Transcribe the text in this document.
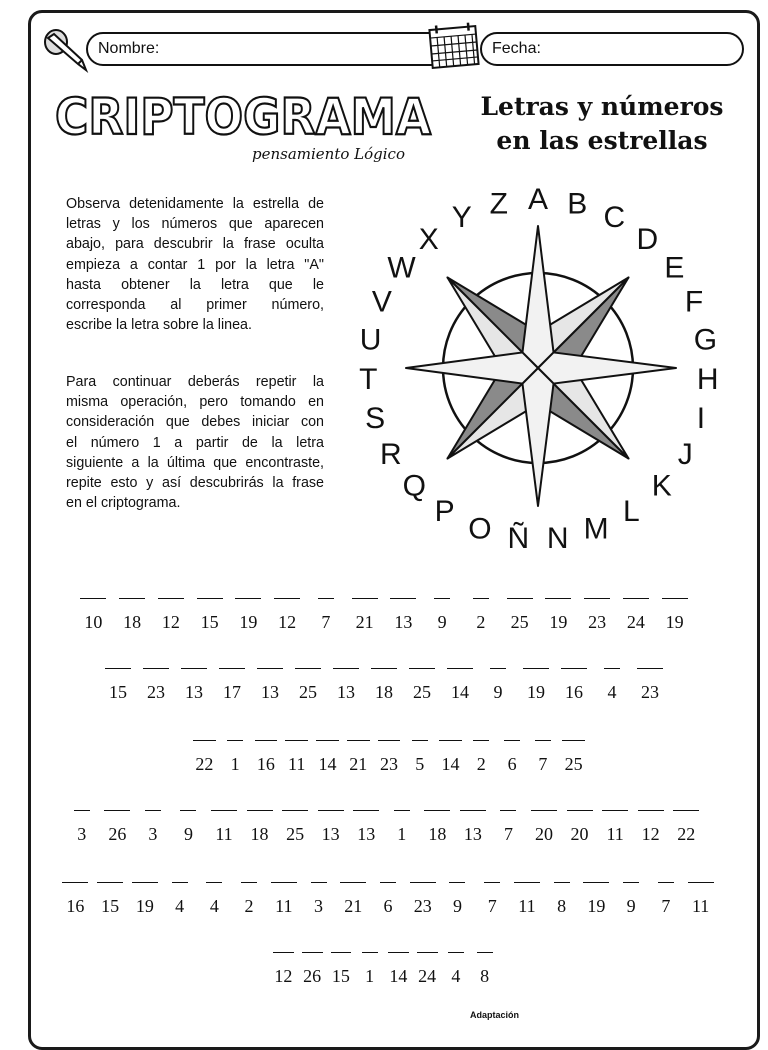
Nombre:	Fecha:
CRIPTOGRAMA
pensamiento Lógico
Letras y números
en las estrellas
Observa detenidamente la estrella de
letras y los números que aparecen
abajo, para descubrir la frase oculta
empieza a contar 1 por la letra "A"
hasta obtener la letra que le
corresponda al primer número,
escribe la letra sobre la linea.
Para continuar deberás repetir la
misma operación, pero tomando en
consideración que debes iniciar con
el número 1 a partir de la letra
siguiente a la última que encontraste,
repite esto y así descubrirás la frase
en el criptograma.
A B C
D
E
F
G
H
I
J
K
L
M
N
Ñ
O
P
Q
R
S
T
U
V
W
X
Y Z
10	18	12	15	19	12	7	21	13	9	2	25	19	23	24	19
15	23	13	17	13	25	13	18	25	14	9	19	16	4	23
22 1 16 11 14 21 23 5 14 2	6	7 25
3	26	3	9	11 18 25 13 13	1	18 13	7	20 20 11 12 22
16 15 19	4	4	2	11	3	21	6	23	9	7	11	8	19	9	7	11
12 26 15 1 14 24 4	8
Adaptación
